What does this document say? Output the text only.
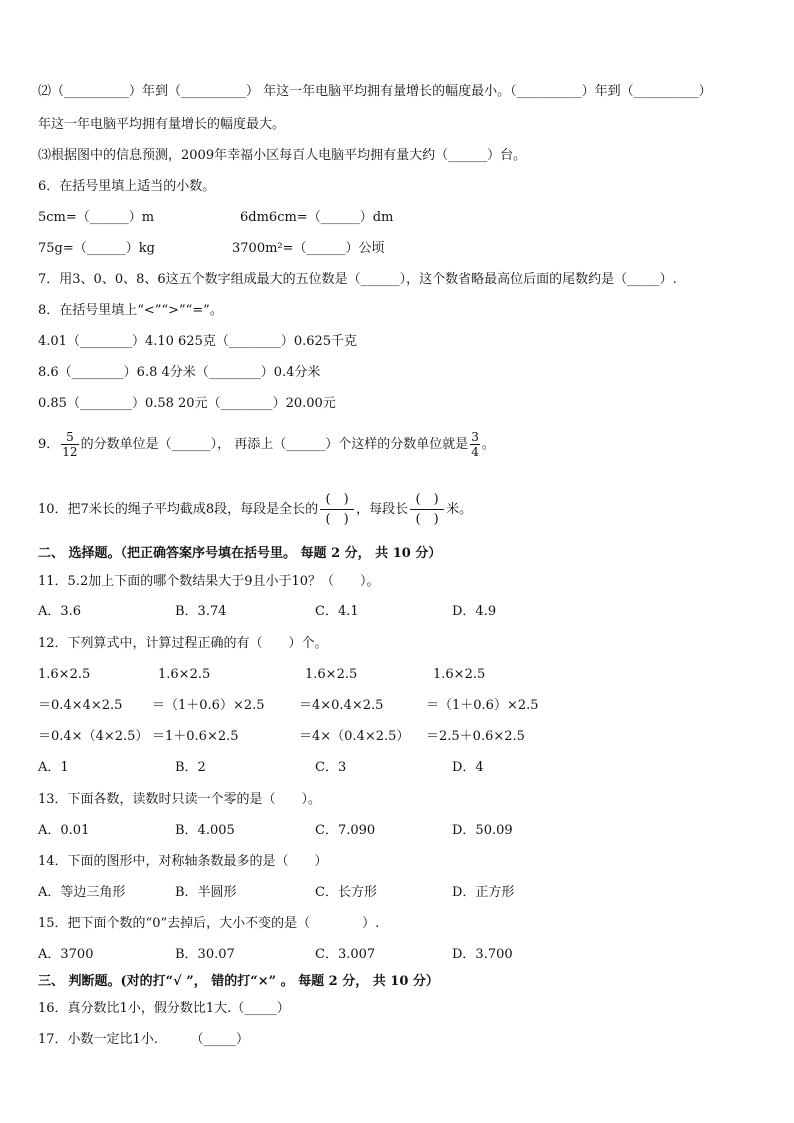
⑵（__________）年到（__________） 年这一年电脑平均拥有量增长的幅度最小。（__________）年到（__________）
年这一年电脑平均拥有量增长的幅度最大。
⑶根据图中的信息预测，2009年幸福小区每百人电脑平均拥有量大约（______）台。
6．在括号里填上适当的小数。
5cm=（______）m	6dm6cm=（______）dm
75g=（______）kg	3700m²=（______）公顷
7．用3、0、0、8、6这五个数字组成最大的五位数是（______），这个数省略最高位后面的尾数约是（_____）.
8．在括号里填上“<”“>”“=”。
4.01（________）4.10 625克（________）0.625千克
8.6（________）6.8 4分米（________）0.4分米
0.85（________）0.58 20元（________）20.00元
9． $\frac{5}{12}$ 的分数单位是（______）， 再添上（______）个这样的分数单位就是 $\frac{3}{4}$ 。
10．把7米长的绳子平均截成8段，每段是全长的
(　)
(　)
，每段长
(　)
(　)
米。
二、 选择题。（把正确答案序号填在括号里。 每题 2 分， 共 10 分）
11．5.2加上下面的哪个数结果大于9且小于10？（　　）。
A．3.6	B．3.74	C．4.1	D．4.9
12．下列算式中，计算过程正确的有（　　）个。
1.6×2.5	1.6×2.5	1.6×2.5	1.6×2.5
＝0.4×4×2.5 ＝（1＋0.6）×2.5	＝4×0.4×2.5	＝（1＋0.6）×2.5
＝0.4×（4×2.5） ＝1＋0.6×2.5	＝4×（0.4×2.5） ＝2.5＋0.6×2.5
A．1	B．2	C．3	D．4
13．下面各数，读数时只读一个零的是（　　）。
A．0.01	B．4.005	C．7.090	D．50.09
14．下面的图形中，对称轴条数最多的是（　　）
A．等边三角形	B．半圆形	C．长方形	D．正方形
15．把下面个数的“0”去掉后，大小不变的是（　　　　）.
A．3700	B．30.07	C．3.007	D．3.700
三、 判断题。(对的打“√ ”， 错的打“×” 。 每题 2 分， 共 10 分）
16．真分数比1小，假分数比1大.（_____）
17．小数一定比1小.　　　（_____）
